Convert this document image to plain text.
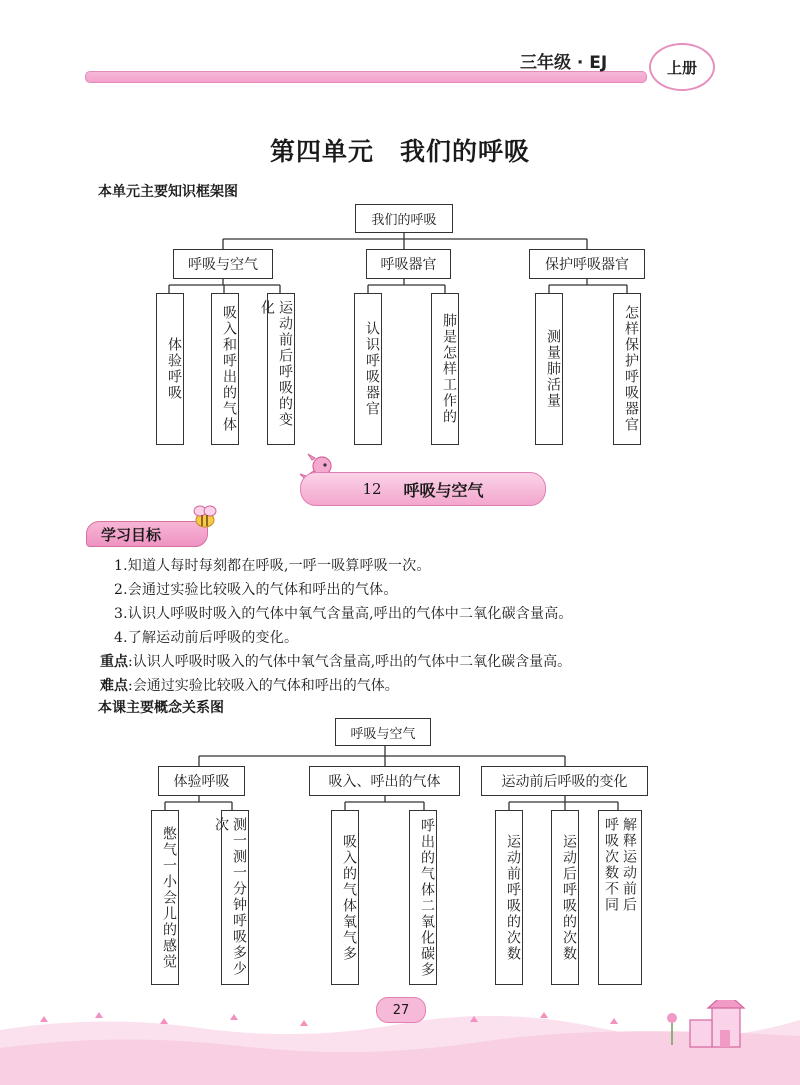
三年级 · EJ	上册
第四单元　我们的呼吸
本单元主要知识框架图
我们的呼吸
呼吸与空气	呼吸器官	保护呼吸器官
体验呼吸	吸入和呼出的气体	运动前后呼吸的变化
认识呼吸器官	肺是怎样工作的	测量肺活量	怎样保护呼吸器官
12 呼吸与空气
学习目标
1.知道人每时每刻都在呼吸,一呼一吸算呼吸一次。
2.会通过实验比较吸入的气体和呼出的气体。
3.认识人呼吸时吸入的气体中氧气含量高,呼出的气体中二氧化碳含量高。
4.了解运动前后呼吸的变化。
重点:认识人呼吸时吸入的气体中氧气含量高,呼出的气体中二氧化碳含量高。
难点:会通过实验比较吸入的气体和呼出的气体。
本课主要概念关系图
呼吸与空气
体验呼吸	吸入、呼出的气体	运动前后呼吸的变化
憋气一小会儿的感觉	测一测一分钟呼吸多少次
吸入的气体氧气多	呼出的气体二氧化碳多	运动前呼吸的次数	运动后呼吸的次数	解释运动前后
呼吸次数不同
27
